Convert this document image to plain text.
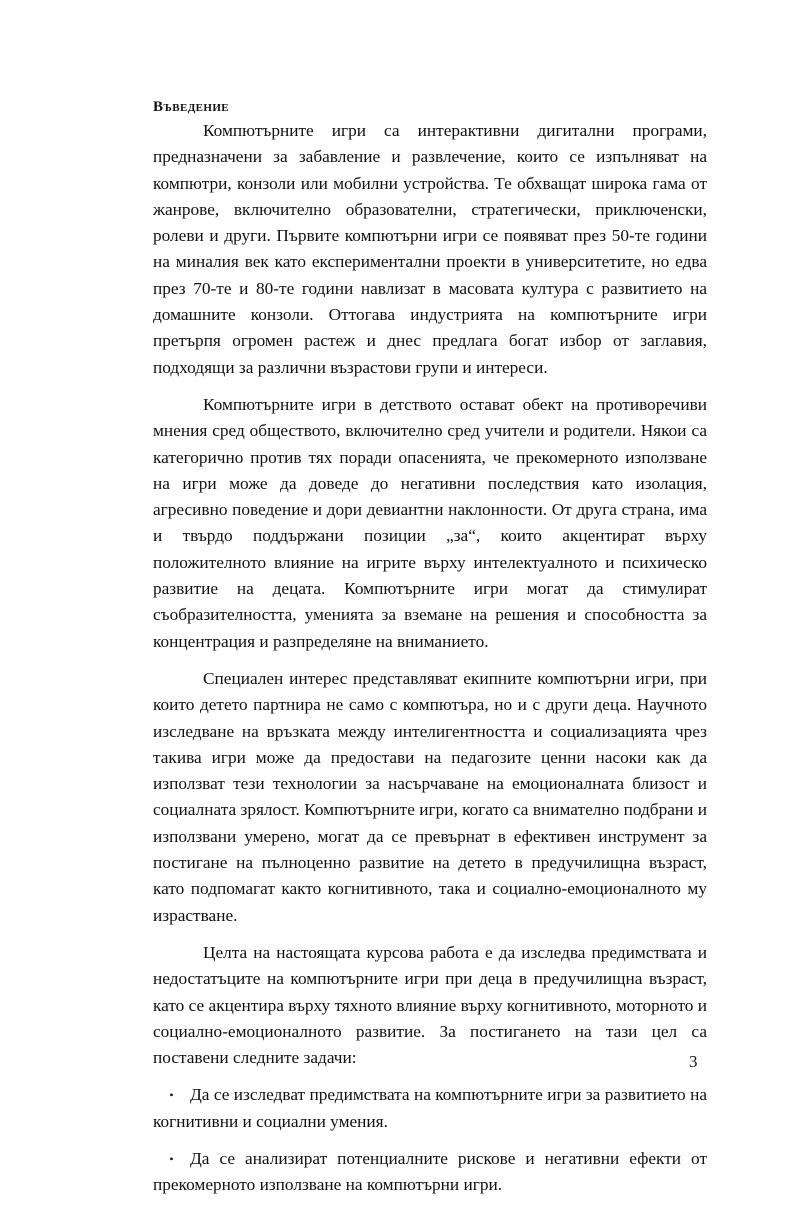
Въведение

Компютърните игри са интерактивни дигитални програми, предназначени за забавление и развлечение, които се изпълняват на компютри, конзоли или мобилни устройства. Те обхващат широка гама от жанрове, включително образователни, стратегически, приключенски, ролеви и други. Първите компютърни игри се появяват през 50-те години на миналия век като експериментални проекти в университетите, но едва през 70-те и 80-те години навлизат в масовата култура с развитието на домашните конзоли. Оттогава индустрията на компютърните игри претърпя огромен растеж и днес предлага богат избор от заглавия, подходящи за различни възрастови групи и интереси.

Компютърните игри в детството остават обект на противоречиви мнения сред обществото, включително сред учители и родители. Някои са категорично против тях поради опасенията, че прекомерното използване на игри може да доведе до негативни последствия като изолация, агресивно поведение и дори девиантни наклонности. От друга страна, има и твърдо поддържани позиции „за“, които акцентират върху положителното влияние на игрите върху интелектуалното и психическо развитие на децата. Компютърните игри могат да стимулират съобразителността, уменията за вземане на решения и способността за концентрация и разпределяне на вниманието.

Специален интерес представляват екипните компютърни игри, при които детето партнира не само с компютъра, но и с други деца. Научното изследване на връзката между интелигентността и социализацията чрез такива игри може да предостави на педагозите ценни насоки как да използват тези технологии за насърчаване на емоционалната близост и социалната зрялост. Компютърните игри, когато са внимателно подбрани и използвани умерено, могат да се превърнат в ефективен инструмент за постигане на пълноценно развитие на детето в предучилищна възраст, като подпомагат както когнитивното, така и социално-емоционалното му израстване.

Целта на настоящата курсова работа е да изследва предимствата и недостатъците на компютърните игри при деца в предучилищна възраст, като се акцентира върху тяхното влияние върху когнитивното, моторното и социално-емоционалното развитие. За постигането на тази цел са поставени следните задачи:

• Да се изследват предимствата на компютърните игри за развитието на когнитивни и социални умения.
• Да се анализират потенциалните рискове и негативни ефекти от прекомерното използване на компютърни игри.
3
